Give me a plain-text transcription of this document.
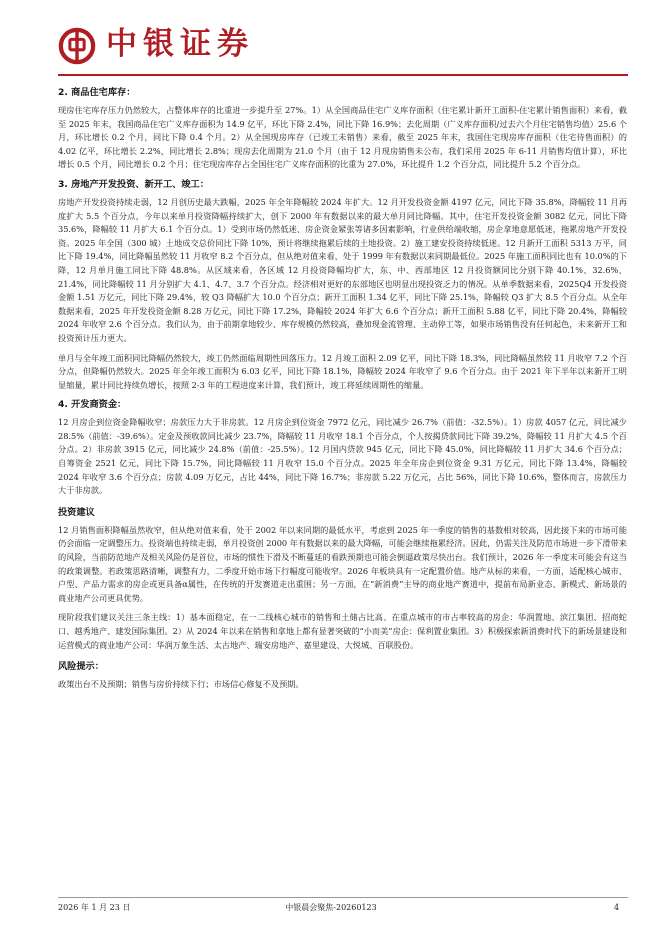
中银证券

2. 商品住宅库存：

现房住宅库存压力仍然较大，占整体库存的比重进一步提升至 27%。1）从全国商品住宅广义库存面积（住宅累计新开工面积-住宅累计销售面积）来看，截至 2025 年末，我国商品住宅广义库存面积为 14.9 亿平，环比下降 2.4%，同比下降 16.9%；去化周期（广义库存面积/过去六个月住宅销售均值）25.6 个月，环比增长 0.2 个月，同比下降 0.4 个月。2）从全国现房库存（已竣工未销售）来看，截至 2025 年末，我国住宅现房库存面积（住宅待售面积）的 4.02 亿平，环比增长 2.2%，同比增长 2.8%；现房去化周期为 21.0 个月（由于 12 月现房销售未公布，我们采用 2025 年 6-11 月销售均值计算），环比增长 0.5 个月，同比增长 0.2 个月；住宅现房库存占全国住宅广义库存面积的比重为 27.0%，环比提升 1.2 个百分点，同比提升 5.2 个百分点。

3. 房地产开发投资、新开工、竣工：

房地产开发投资持续走弱，12 月创历史最大跌幅，2025 年全年降幅较 2024 年扩大。12 月开发投资金额 4197 亿元，同比下降 35.8%，降幅较 11 月再度扩大 5.5 个百分点，今年以来单月投资降幅持续扩大，创下 2000 年有数据以来的最大单月同比降幅。其中，住宅开发投资金额 3082 亿元，同比下降 35.6%，降幅较 11 月扩大 6.1 个百分点。1）受到市场仍然低迷、房企资金紧张等诸多因素影响，行业供给端收缩，房企拿地意愿低迷，拖累房地产开发投资。2025 年全国（300 城）土地成交总价同比下降 10%，预计将继续拖累后续的土地投资。2）施工建安投资持续低迷。12 月新开工面积 5313 万平，同比下降 19.4%，同比降幅虽然较 11 月收窄 8.2 个百分点，但从绝对值来看，处于 1999 年有数据以来同期最低位。2025 年施工面积同比也有 10.0%的下降，12 月单月施工同比下降 48.8%。从区域来看，各区域 12 月投资降幅均扩大，东、中、西部地区 12 月投资额同比分别下降 40.1%、32.6%、21.4%，同比降幅较 11 月分别扩大 4.1、4.7、3.7 个百分点。经济相对更好的东部地区也明显出现投资乏力的情况。从单季数据来看，2025Q4 开发投资金额 1.51 万亿元，同比下降 29.4%，较 Q3 降幅扩大 10.0 个百分点；新开工面积 1.34 亿平，同比下降 25.1%，降幅较 Q3 扩大 8.5 个百分点。从全年数据来看，2025 年开发投资金额 8.28 万亿元，同比下降 17.2%，降幅较 2024 年扩大 6.6 个百分点；新开工面积 5.88 亿平，同比下降 20.4%，降幅较 2024 年收窄 2.6 个百分点。我们认为，由于前期拿地较少、库存规模仍然较高，叠加现金流管理、主动停工等，如果市场销售没有任何起色，未来新开工和投资预计压力更大。

单月与全年竣工面积同比降幅仍然较大，竣工仍然面临周期性回落压力。12 月竣工面积 2.09 亿平，同比下降 18.3%，同比降幅虽然较 11 月收窄 7.2 个百分点，但降幅仍然较大。2025 年全年竣工面积为 6.03 亿平，同比下降 18.1%，降幅较 2024 年收窄了 9.6 个百分点。由于 2021 年下半年以来新开工明显缩量，累计同比持续负增长，按照 2-3 年的工程进度来计算，我们预计，竣工将延续周期性的缩量。

4. 开发商资金：

12 月房企到位资金降幅收窄；房款压力大于非房款。12 月房企到位资金 7972 亿元，同比减少 26.7%（前值：-32.5%）。1）房款 4057 亿元，同比减少 28.5%（前值：-39.6%）。定金及预收款同比减少 23.7%，降幅较 11 月收窄 18.1 个百分点，个人按揭贷款同比下降 39.2%，降幅较 11 月扩大 4.5 个百分点。2）非房款 3915 亿元，同比减少 24.8%（前值：-25.5%）。12 月国内贷款 945 亿元，同比下降 45.0%，同比降幅较 11 月扩大 34.6 个百分点；自筹资金 2521 亿元，同比下降 15.7%，同比降幅较 11 月收窄 15.0 个百分点。2025 年全年房企到位资金 9.31 万亿元，同比下降 13.4%，降幅较 2024 年收窄 3.6 个百分点；房款 4.09 万亿元，占比 44%，同比下降 16.7%；非房款 5.22 万亿元，占比 56%，同比下降 10.6%，整体而言，房款压力大于非房款。

投资建议

12 月销售面积降幅虽然收窄，但从绝对值来看，处于 2002 年以来同期的最低水平，考虑到 2025 年一季度的销售的基数相对较高，因此接下来的市场可能仍会面临一定调整压力。投资端也持续走弱，单月投资创 2000 年有数据以来的最大降幅，可能会继续拖累经济。因此，仍需关注及防范市场进一步下滑带来的风险，当前防范地产及相关风险仍是首位，市场的惯性下滑及不断蔓延的看跌预期也可能会倒逼政策尽快出台。我们预计，2026 年一季度末可能会有这当的政策调整。若政策思路清晰，调整有力，二季度开始市场下行幅度可能收窄。2026 年板块具有一定配置价值。地产从标的来看，一方面，适配核心城市、户型、产品力需求的房企或更具备α属性，在传统的开发赛道走出重围；另一方面，在“新消费”主导的商业地产赛道中，提前布局新业态、新模式、新场景的商业地产公司更具优势。

现阶段我们建议关注三条主线：1）基本面稳定，在一二线核心城市的销售和土储占比高、在重点城市的市占率较高的房企：华润置地、滨江集团、招商蛇口、越秀地产、建发国际集团。2）从 2024 年以来在销售和拿地上都有显著突破的“小而美”房企：保利置业集团。3）积极探索新消费时代下的新场景建设和运营模式的商业地产公司：华润万象生活、太古地产、瑞安房地产、嘉里建设、大悦城、百联股份。

风险提示：

政策出台不及预期；销售与房价持续下行；市场信心修复不及预期。

2026 年 1 月 23 日	中银晨会聚焦-20260123	4
